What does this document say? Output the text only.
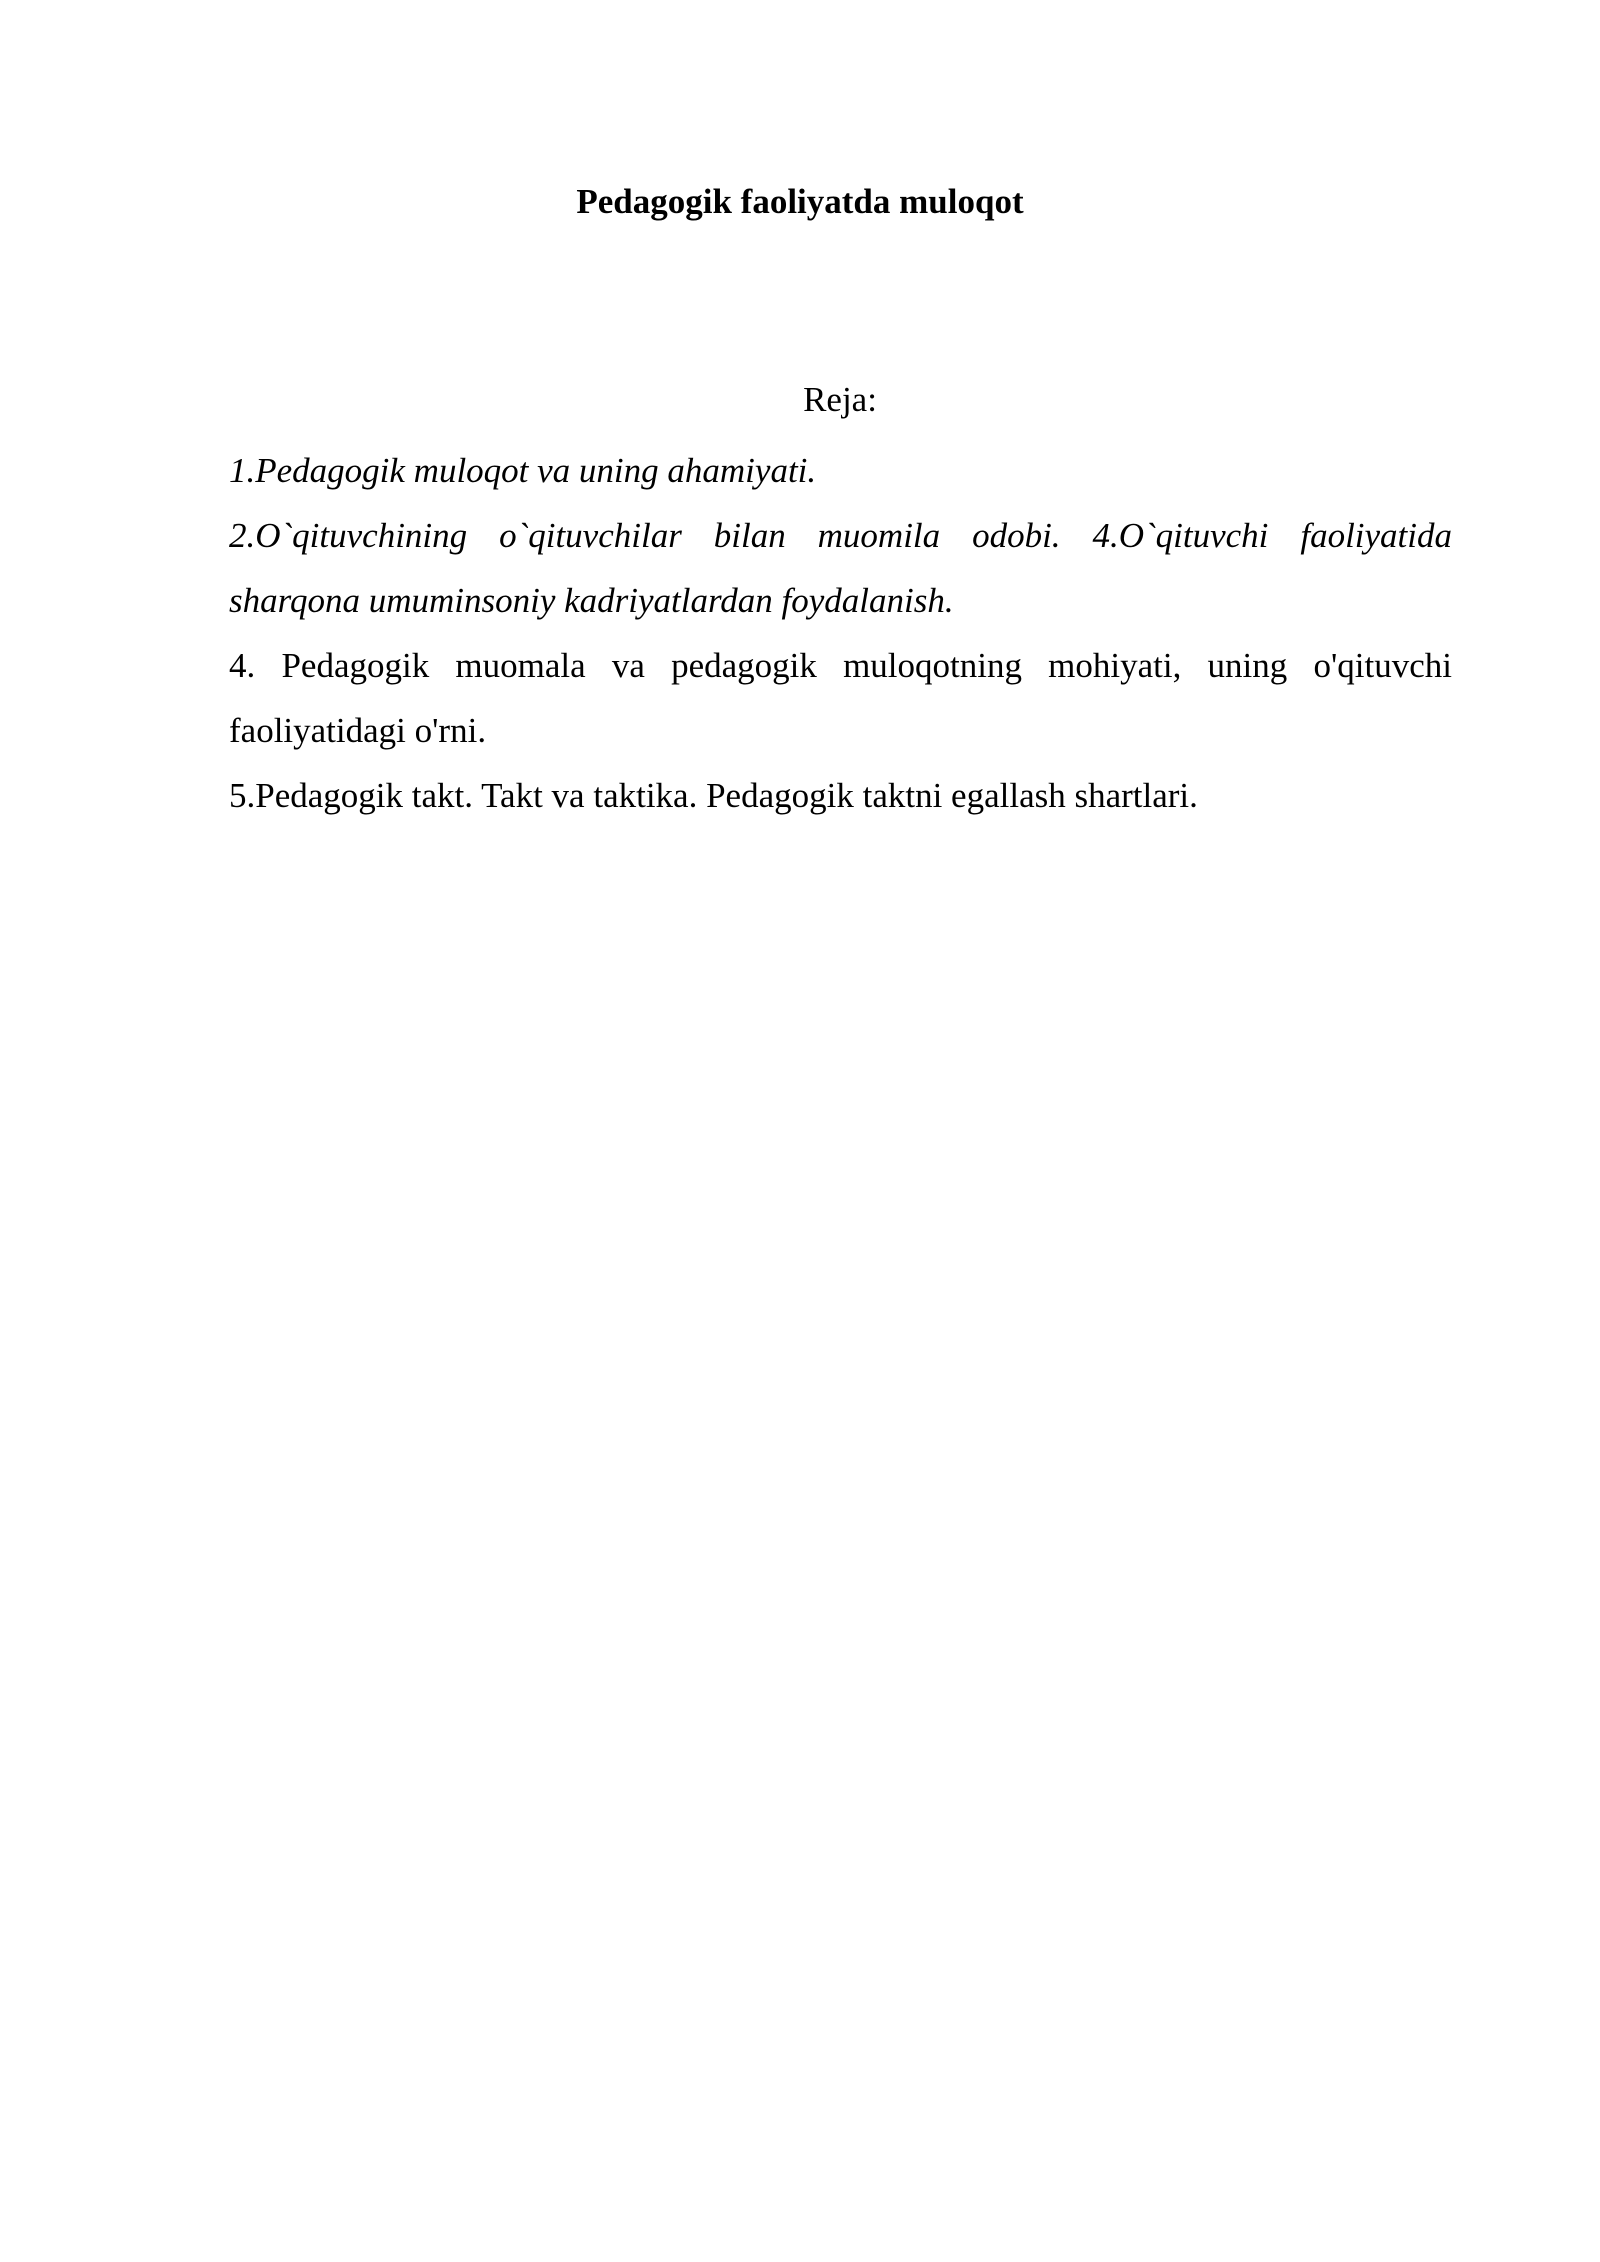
Pedagogik faoliyatda muloqot

Reja:

1.Pedagogik muloqot va uning ahamiyati.

2.O`qituvchining o`qituvchilar bilan muomila odobi. 4.O`qituvchi faoliyatida sharqona umuminsoniy kadriyatlardan foydalanish.

4. Pedagogik muomala va pedagogik muloqotning mohiyati, uning o'qituvchi faoliyatidagi o'rni.

5.Pedagogik takt. Takt va taktika. Pedagogik taktni egallash shartlari.
